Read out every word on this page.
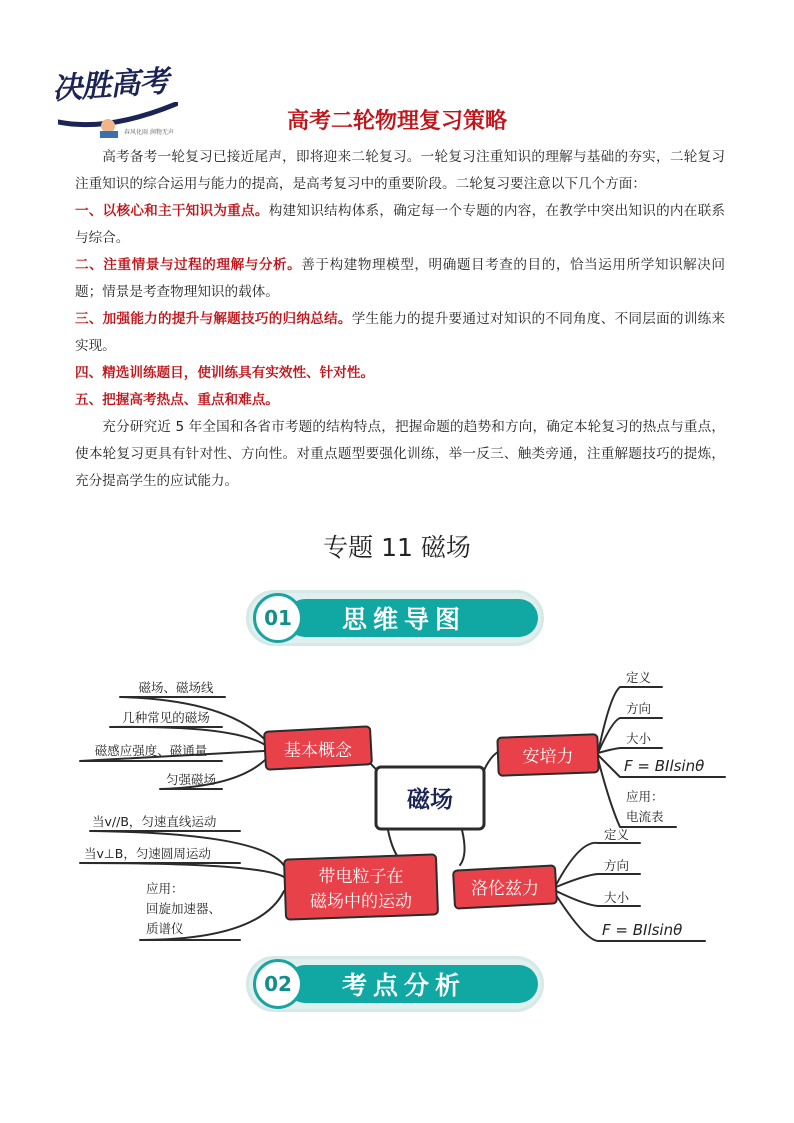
决胜高考
春风化雨 润物无声	高考二轮物理复习策略
高考备考一轮复习已接近尾声，即将迎来二轮复习。一轮复习注重知识的理解与基础的夯实，二轮复习注重知识的综合运用与能力的提高，是高考复习中的重要阶段。二轮复习要注意以下几个方面：
一、以核心和主干知识为重点。构建知识结构体系，确定每一个专题的内容，在教学中突出知识的内在联系与综合。
二、注重情景与过程的理解与分析。善于构建物理模型，明确题目考查的目的，恰当运用所学知识解决问题；情景是考查物理知识的载体。
三、加强能力的提升与解题技巧的归纳总结。学生能力的提升要通过对知识的不同角度、不同层面的训练来实现。
四、精选训练题目，使训练具有实效性、针对性。
五、把握高考热点、重点和难点。
充分研究近 5 年全国和各省市考题的结构特点，把握命题的趋势和方向，确定本轮复习的热点与重点，使本轮复习更具有针对性、方向性。对重点题型要强化训练，举一反三、触类旁通，注重解题技巧的提炼，充分提高学生的应试能力。
专题 11 磁场
01	思维导图
磁场
基本概念
磁场、磁场线
几种常见的磁场
磁感应强度、磁通量
匀强磁场
安培力
定义
方向
大小
F = BIlsinθ
应用：
电流表
洛伦兹力
定义
方向
大小
F = BIlsinθ
带电粒子在
磁场中的运动
当v//B，匀速直线运动
当v⊥B，匀速圆周运动
应用：
回旋加速器、
质谱仪
02	考点分析
